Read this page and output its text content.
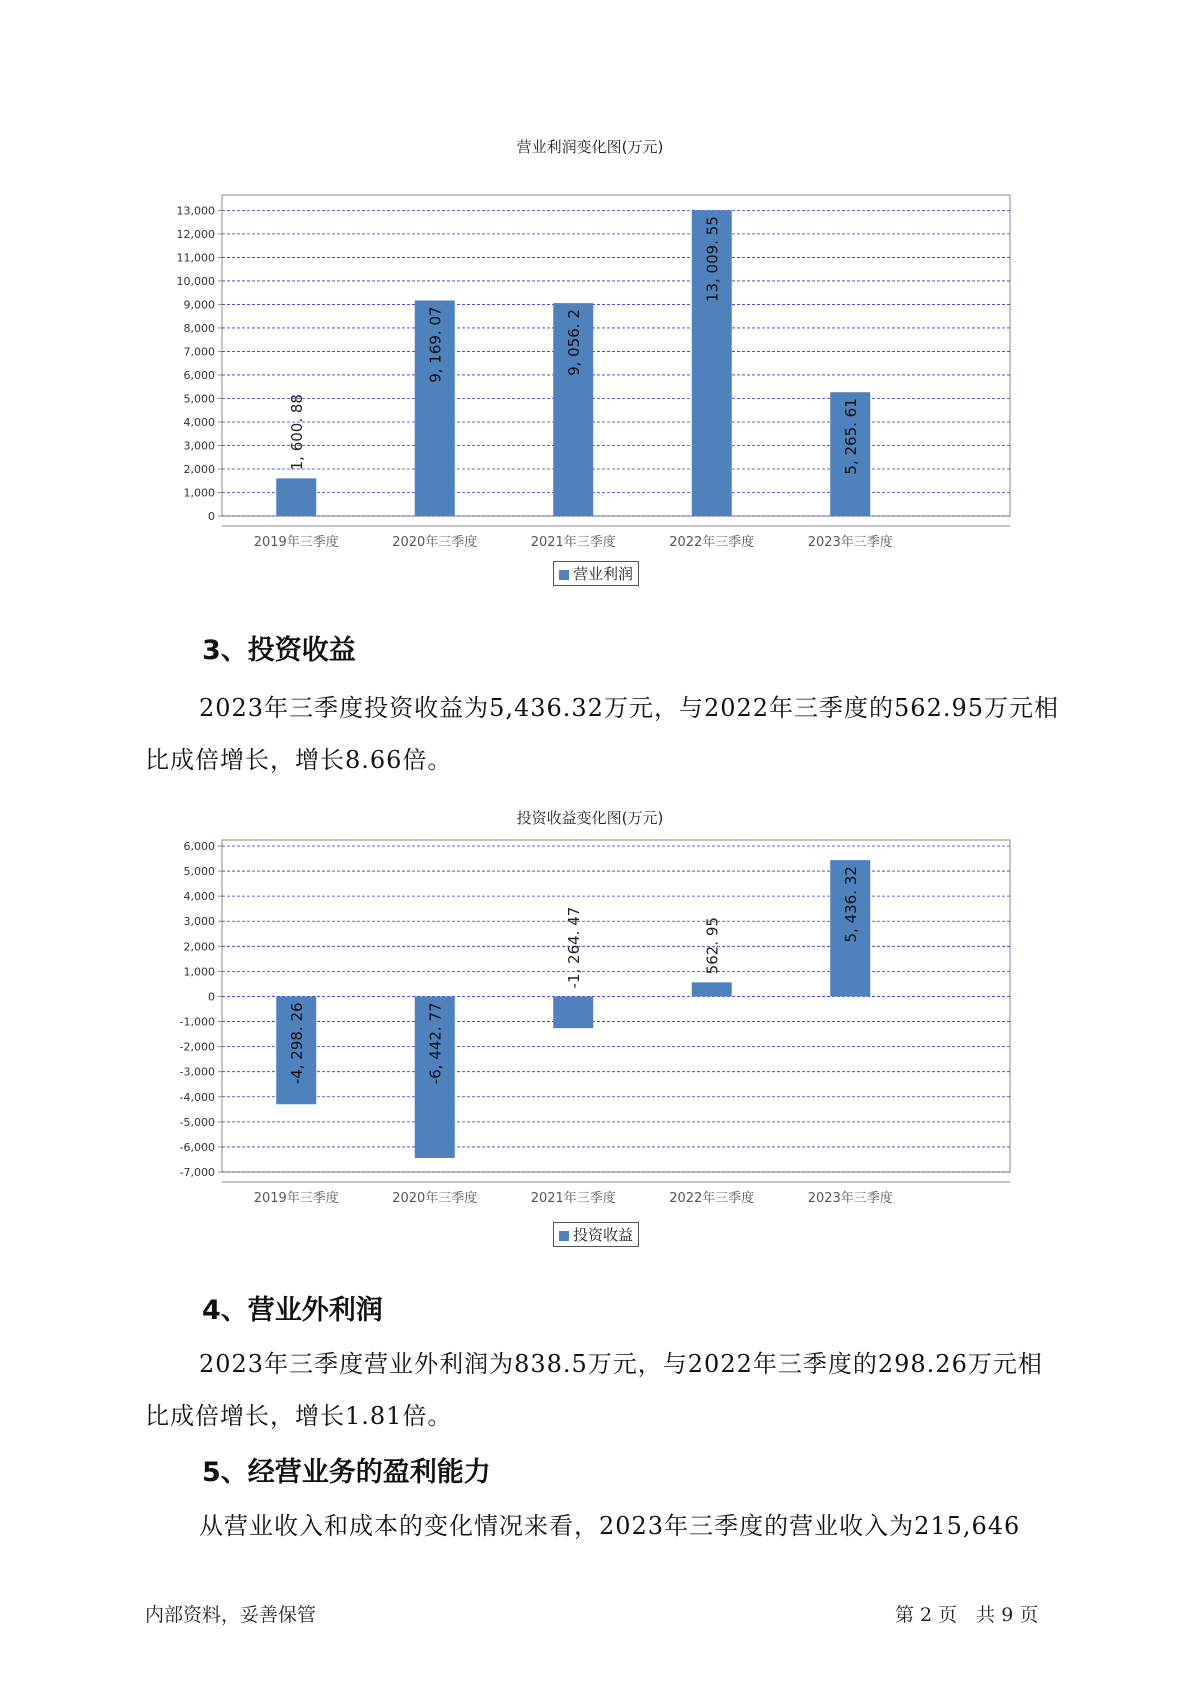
营业利润变化图(万元)
0
1,000
2,000
3,000
4,000
5,000
6,000
7,000
8,000
9,000
10,000
11,000
12,000
13,000
1, 600. 88
2019年三季度
9, 169. 07
2020年三季度
9, 056. 2
2021年三季度
13, 009. 55
2022年三季度
5, 265. 61
2023年三季度
营业利润
3、投资收益
2023年三季度投资收益为5,436.32万元，与2022年三季度的562.95万元相比成倍增长，增长8.66倍。
投资收益变化图(万元)
-7,000
-6,000
-5,000
-4,000
-3,000
-2,000
-1,000
0
1,000
2,000
3,000
4,000
5,000
6,000
-4, 298. 26
2019年三季度
-6, 442. 77
2020年三季度
-1, 264. 47
2021年三季度
562. 95
2022年三季度
5, 436. 32
2023年三季度
投资收益
4、营业外利润
2023年三季度营业外利润为838.5万元，与2022年三季度的298.26万元相比成倍增长，增长1.81倍。
5、经营业务的盈利能力
从营业收入和成本的变化情况来看，2023年三季度的营业收入为215,646
内部资料，妥善保管	第 2 页　共 9 页
